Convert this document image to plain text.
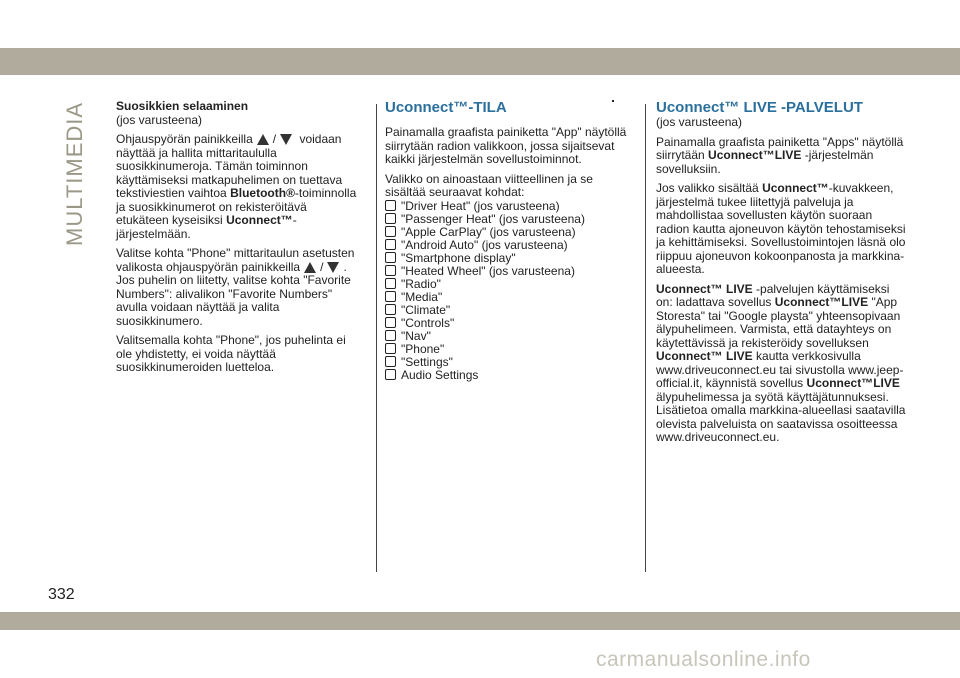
MULTIMEDIA Suosikkien selaaminen

(jos varusteena)

Ohjauspyörän painikkeilla / voidaan näyttää ja hallita mittaritaululla suosikkinumeroja. Tämän toiminnon käyttämiseksi matkapuhelimen on tuettava tekstiviestien vaihtoa Bluetooth®-toiminnolla ja suosikkinumerot on rekisteröitävä etukäteen kyseisiksi Uconnect™-järjestelmään.

Valitse kohta "Phone" mittaritaulun asetusten valikosta ohjauspyörän painikkeilla / . Jos puhelin on liitetty, valitse kohta "Favorite Numbers": alivalikon "Favorite Numbers" avulla voidaan näyttää ja valita suosikkinumero.

Valitsemalla kohta "Phone", jos puhelinta ei ole yhdistetty, ei voida näyttää suosikkinumeroiden luetteloa.

Uconnect™-TILA

Painamalla graafista painiketta "App" näytöllä siirrytään radion valikkoon, jossa sijaitsevat kaikki järjestelmän sovellustoiminnot.

Valikko on ainoastaan viitteellinen ja se sisältää seuraavat kohdat:

"Driver Heat" (jos varusteena)
"Passenger Heat" (jos varusteena)
"Apple CarPlay" (jos varusteena)
"Android Auto" (jos varusteena)
"Smartphone display"
"Heated Wheel" (jos varusteena)
"Radio"
"Media"
"Climate"
"Controls"
"Nav"
"Phone"
"Settings"
Audio Settings

Uconnect™ LIVE -PALVELUT

(jos varusteena)

Painamalla graafista painiketta "Apps" näytöllä siirrytään Uconnect™LIVE -järjestelmän sovelluksiin.

Jos valikko sisältää Uconnect™-kuvakkeen, järjestelmä tukee liitettyjä palveluja ja mahdollistaa sovellusten käytön suoraan radion kautta ajoneuvon käytön tehostamiseksi ja kehittämiseksi. Sovellustoimintojen läsnä olo riippuu ajoneuvon kokoonpanosta ja markkina-alueesta.

Uconnect™ LIVE -palvelujen käyttämiseksi on: ladattava sovellus Uconnect™LIVE "App Storesta" tai "Google playsta" yhteensopivaan älypuhelimeen. Varmista, että datayhteys on käytettävissä ja rekisteröidy sovelluksen Uconnect™ LIVE kautta verkkosivulla www.driveuconnect.eu tai sivustolla www.jeep-official.it, käynnistä sovellus Uconnect™LIVE älypuhelimessa ja syötä käyttäjätunnuksesi. Lisätietoa omalla markkina-alueellasi saatavilla olevista palveluista on saatavissa osoitteessa www.driveuconnect.eu.

332
carmanualsonline.info
